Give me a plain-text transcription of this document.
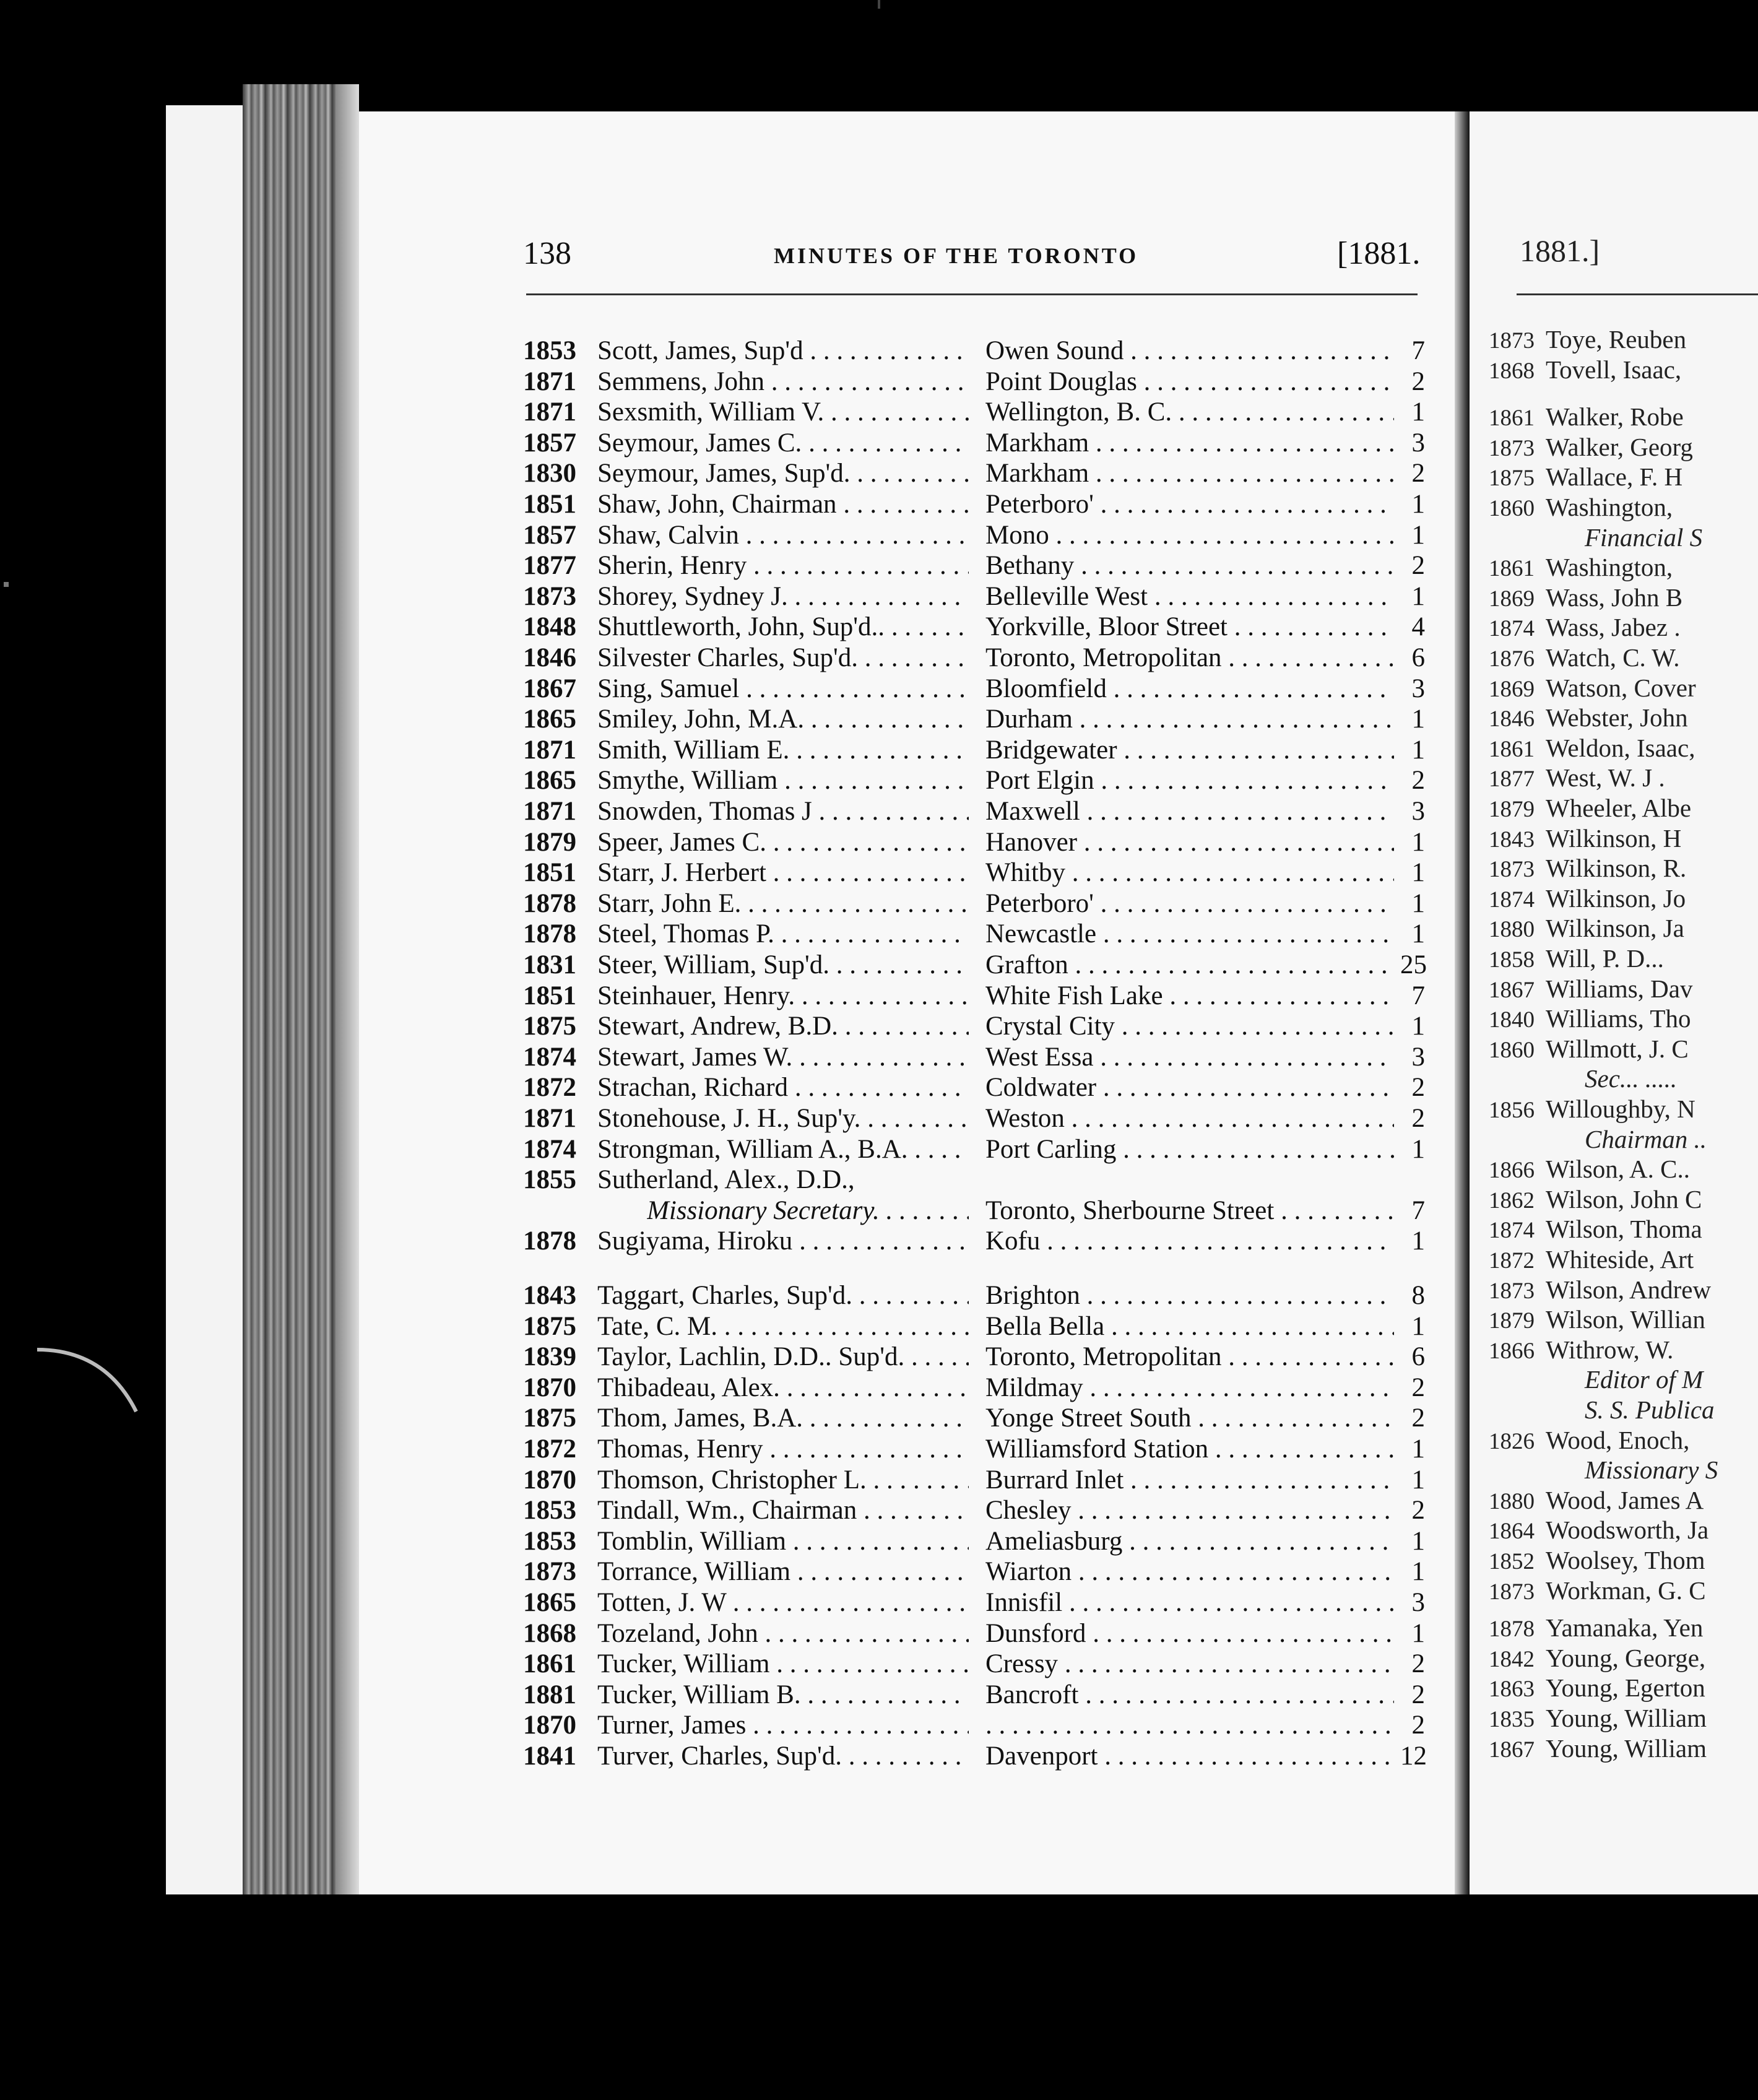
138	MINUTES OF THE TORONTO	[1881.
1853 Scott, James, Sup'd . . .	Owen Sound . . .	7
1871 Semmens, John . . .	Point Douglas . . .	2
1871 Sexsmith, William V. . . .	Wellington, B. C. . . .	1
1857 Seymour, James C. . . .	Markham . . .	3
1830 Seymour, James, Sup'd. . . .	Markham . . .	2
1851 Shaw, John, Chairman . . .	Peterboro' . . .	1
1857 Shaw, Calvin . . .	Mono . . .	1
1877 Sherin, Henry . . .	Bethany . . .	2
1873 Shorey, Sydney J. . . .	Belleville West . . .	1
1848 Shuttleworth, John, Sup'd.. . . .	Yorkville, Bloor Street . . .	4
1846 Silvester Charles, Sup'd. . . .	Toronto, Metropolitan . . .	6
1867 Sing, Samuel . . .	Bloomfield . . .	3
1865 Smiley, John, M.A. . . .	Durham . . .	1
1871 Smith, William E. . . .	Bridgewater . . .	1
1865 Smythe, William . . .	Port Elgin . . .	2
1871 Snowden, Thomas J . . .	Maxwell . . .	3
1879 Speer, James C. . . .	Hanover . . .	1
1851 Starr, J. Herbert . . .	Whitby . . .	1
1878 Starr, John E. . . .	Peterboro' . . .	1
1878 Steel, Thomas P. . . .	Newcastle . . .	1
1831 Steer, William, Sup'd. . . .	Grafton . . .	25
1851 Steinhauer, Henry. . . .	White Fish Lake . . .	7
1875 Stewart, Andrew, B.D. . . .	Crystal City . . .	1
1874 Stewart, James W. . . .	West Essa . . .	3
1872 Strachan, Richard . . .	Coldwater . . .	2
1871 Stonehouse, J. H., Sup'y. . . .	Weston . . .	2
1874 Strongman, William A., B.A. . . .	Port Carling . . .	1
1855 Sutherland, Alex., D.D.,
Missionary Secretary. . . .	Toronto, Sherbourne Street . . .	7
1878 Sugiyama, Hiroku . . .	Kofu . . .	1
1843 Taggart, Charles, Sup'd. . . .	Brighton . . .	8
1875 Tate, C. M. . . .	Bella Bella . . .	1
1839 Taylor, Lachlin, D.D.. Sup'd. . . .	Toronto, Metropolitan . . .	6
1870 Thibadeau, Alex. . . .	Mildmay . . .	2
1875 Thom, James, B.A. . . .	Yonge Street South . . .	2
1872 Thomas, Henry . . .	Williamsford Station . . .	1
1870 Thomson, Christopher L. . . .	Burrard Inlet . . .	1
1853 Tindall, Wm., Chairman . . .	Chesley . . .	2
1853 Tomblin, William . . .	Ameliasburg . . .	1
1873 Torrance, William . . .	Wiarton . . .	1
1865 Totten, J. W . . .	Innisfil . . .	3
1868 Tozeland, John . . .	Dunsford . . .	1
1861 Tucker, William . . .	Cressy . . .	2
1881 Tucker, William B. . . .	Bancroft . . .	2
1870 Turner, James . . . . . .	2
1841 Turver, Charles, Sup'd. . . .	Davenport . . .	12
1881.]
1873 Toye, Reuben
1868 Tovell, Isaac,
1861 Walker, Robe
1873 Walker, Georg
1875 Wallace, F. H
1860 Washington,
Financial S
1861 Washington,
1869 Wass, John B
1874 Wass, Jabez .
1876 Watch, C. W.
1869 Watson, Cover
1846 Webster, John
1861 Weldon, Isaac,
1877 West, W. J .
1879 Wheeler, Albe
1843 Wilkinson, H
1873 Wilkinson, R.
1874 Wilkinson, Jo
1880 Wilkinson, Ja
1858 Will, P. D...
1867 Williams, Dav
1840 Williams, Tho
1860 Willmott, J. C
Sec... .....
1856 Willoughby, N
Chairman ..
1866 Wilson, A. C..
1862 Wilson, John C
1874 Wilson, Thoma
1872 Whiteside, Art
1873 Wilson, Andrew
1879 Wilson, Willian
1866 Withrow, W.
Editor of M
S. S. Publica
1826 Wood, Enoch,
Missionary S
1880 Wood, James A
1864 Woodsworth, Ja
1852 Woolsey, Thom
1873 Workman, G. C
1878 Yamanaka, Yen
1842 Young, George,
1863 Young, Egerton
1835 Young, William
1867 Young, William
